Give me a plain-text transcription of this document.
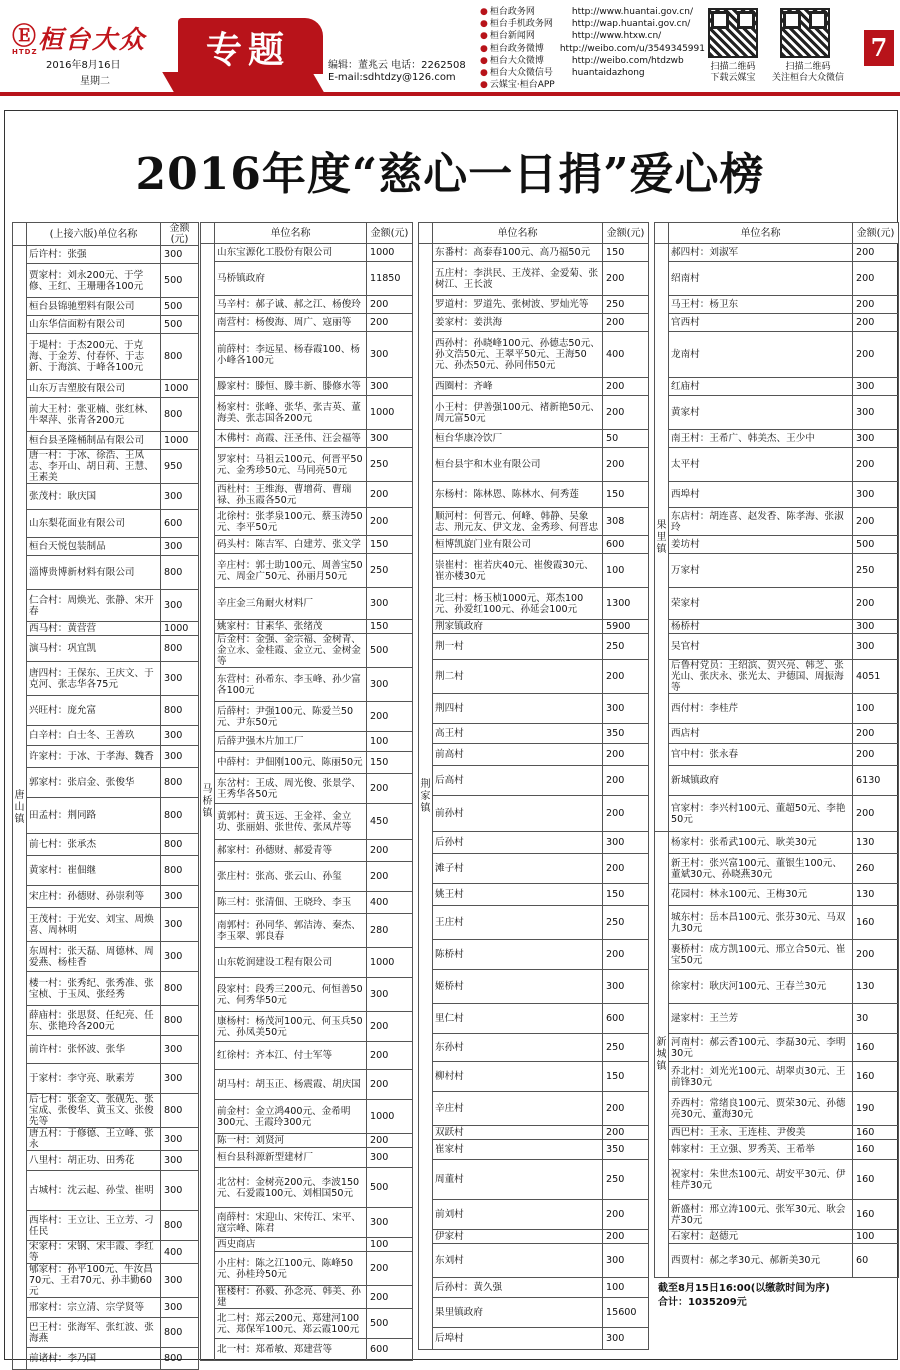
Ⓔ
HTDZ 桓台大众
2016年8月16日
星期二
专题	编辑：董兆云 电话：2262508
E-mail:sdhtdzy@126.com
● 桓台政务网	http://www.huantai.gov.cn/
● 桓台手机政务网	http://wap.huantai.gov.cn/
● 桓台新闻网	http://www.htxw.cn/
● 桓台政务微博	http://weibo.com/u/3549345991
● 桓台大众微博	http://weibo.com/htdzwb
● 桓台大众微信号	huantaidazhong
● 云媒宝·桓台APP
扫描二维码
下载云媒宝
扫描二维码
关注桓台大众微信
7
2016年度“慈心一日捐”爱心榜
	(上接六版)单位名称	金额(元)
唐山镇	后许村：张强	300
	贾家村：刘永200元、于学修、王红、王珊珊各100元	500
	桓台县锦驰塑料有限公司	500
	山东华信面粉有限公司	500
	于堤村：于杰200元、于克海、于金芳、付春怀、于志新、于海滨、于峰各100元	800
	山东万吉塑胶有限公司	1000
	前大王村：张亚楠、张红林、牛翠萍、张青各200元	800
	桓台县圣隆桶制品有限公司	1000
	唐一村：于冰、徐浩、王凤志、李开山、胡日莉、王慧、王素美	950
	张茂村：耿庆国	300
	山东梨花面业有限公司	600
	桓台天悦包装制品	300
	淄博贵博新材料有限公司	800
	仁合村：周焕光、张静、宋开春	300
	西马村：黄营营	1000
	演马村：巩宜凯	800
	唐四村：王保东、王庆文、于克河、张志华各75元	300
	兴旺村：庞允富	800
	白辛村：白士冬、王善玖	300
	许家村：于冰、于孝海、魏香	300
	郭家村：张启金、张俊华	800
	田孟村：荆同路	800
	前七村：张承杰	800
	黄家村：崔佃继	800
	宋庄村：孙德财、孙崇利等	300
	王茂村：于光安、刘宝、周焕喜、周林明	300
	东周村：张天磊、周德林、周爱燕、杨桂香	300
	楼一村：张秀纪、张秀准、张宝桢、于玉凤、张经秀	800
	薛庙村：张思贤、任纪亮、任东、张艳玲各200元	800
	前许村：张怀波、张华	300
	于家村：李守亮、耿素芳	300
	后七村：张金文、张砚先、张宝成、张俊华、黄玉文、张俊先等	800
	唐五村：于修德、王立峰、张永	300
	八里村：胡正功、田秀花	300
	古城村：沈云起、孙莹、崔明	300
	西毕村：王立让、王立芳、刁任民	800
	宋家村：宋钢、宋丰霞、李红等	400
	郇家村：孙平100元、牛汝昌70元、王君70元、孙丰勤60元	300
	邢家村：宗立清、宗学贤等	300
	巴王村：张海军、张红波、张海燕	800
	前诸村：李乃国	800
	单位名称	金额(元)
马桥镇	山东宝源化工股份有限公司	1000
	马桥镇政府	11850
	马辛村：郝子诚、郝之江、杨俊玲	200
	南营村：杨俊海、周广、寇丽等	200
	前薛村：李远星、杨春霞100、杨小峰各100元	300
	滕家村：滕恒、滕丰新、滕修水等	300
	杨家村：张峰、张华、张吉英、董海美、张志国各200元	1000
	木佛村：高霞、汪圣伟、汪会福等	300
	罗家村：马祖云100元、何晋平50元、金秀珍50元、马同亮50元	250
	西杜村：王维海、曹增荷、曹瑞禄、孙玉霞各50元	200
	北徐村：张孝泉100元、蔡玉涛50元、李平50元	200
	码头村：陈吉军、白建芳、张文学	150
	辛庄村：郭士助100元、周善宝50元、周金广50元、孙丽月50元	250
	辛庄金三角耐火材料厂	300
	姚家村：甘素华、张绪茂	150
	后金村：金强、金宗福、金树青、金立永、金桂霞、金立元、金树金等	500
	东营村：孙希东、李玉峰、孙少富各100元	300
	后薛村：尹强100元、陈爱兰50元、尹东50元	200
	后薛尹强木片加工厂	100
	中薛村：尹佃刚100元、陈丽50元	150
	东岔村：王成、周光俊、张景学、王秀华各50元	200
	黄郭村：黄玉远、王金祥、金立功、张丽娟、张世传、张凤芹等	450
	郝家村：孙德财、郝爱青等	200
	张庄村：张高、张云山、孙玺	200
	陈三村：张清佃、王晓玲、李玉	400
	南郭村：孙同华、郭洁涛、秦杰、李玉翠、郭良春	280
	山东乾润建设工程有限公司	1000
	段家村：段秀三200元、何恒善50元、何秀华50元	300
	康杨村：杨茂河100元、何玉兵50元、孙凤美50元	200
	红徐村：齐本江、付士军等	200
	胡马村：胡玉正、杨震霞、胡庆国	200
	前金村：金立鸿400元、金希明300元、王霞玲300元	1000
	陈一村：刘贤河	200
	桓台县科源新型建材厂	300
	北岔村：金树亮200元、李波150元、石爱霞100元、刘相国50元	500
	南薛村：宋迎山、宋传江、宋平、寇宗峰、陈君	300
	西史商店	100
	小庄村：陈之江100元、陈峰50元、孙桂玲50元	200
	崔楼村：孙毅、孙念亮、韩美、孙建	200
	北二村：郑云200元、郑建河100元、郑保军100元、郑云霞100元	500
	北一村：郑希敏、郑建营等	600
	单位名称	金额(元)
荆家镇	东番村：高泰春100元、高乃福50元	150
	五庄村：李洪民、王茂祥、金爱菊、张树江、王长波	200
	罗道村：罗道先、张树波、罗灿光等	250
	姜家村：姜洪海	200
	西孙村：孙晓峰100元、孙德志50元、孙文浩50元、王翠平50元、王海50元、孙杰50元、孙同伟50元	400
	西圈村：齐峰	200
	小王村：伊善强100元、褚新艳50元、周元富50元	200
	桓台华康冷饮厂	50
	桓台县宇和木业有限公司	200
	东杨村：陈林恩、陈林水、何秀莲	150
	顺河村：何晋元、何峰、韩静、吴象志、刑元友、伊文龙、金秀珍、何晋忠	308
	桓博凯旋门业有限公司	600
	崇崔村：崔若庆40元、崔俊霞30元、崔亦楼30元	100
	北三村：杨玉桢1000元、郑杰100元、孙爱红100元、孙延会100元	1300
	荆家镇政府	5900
	荆一村	250
	荆二村	200
	荆四村	300
	高王村	350
	前高村	200
	后高村	200
	前孙村	200
	后孙村	300
	滩子村	200
	姚王村	150
	王庄村	250
	陈桥村	200
	姬桥村	300
	里仁村	600
	东孙村	250
	柳村村	150
	辛庄村	200
	双跃村	200
	崔家村	350
	周董村	250
	前刘村	200
	伊家村	200
	东刘村	300
	后孙村：黄久强	100
	果里镇政府	15600
	后埠村	300
	单位名称	金额(元)
果里镇	郝四村：刘淑军	200
	绍南村	200
	马王村：杨卫东	200
	官西村	200
	龙南村	200
	红庙村	300
	黄家村	300
	南王村：王希广、韩美杰、王少中	300
	太平村	200
	西埠村	300
	东店村：胡连喜、赵发香、陈孝海、张淑玲	200
	姜坊村	500
	万家村	250
	荣家村	200
	杨桥村	300
	吴官村	300
	后鲁村党员：王绍滨、贺兴亮、韩芝、张光山、张庆永、张光太、尹德国、周振海等	4051
	西付村：李桂芹	100
	西店村	200
	官中村：张永春	200
	新城镇政府	6130
	官家村：李兴村100元、董超50元、李艳50元	200
新城镇	杨家村：张希武100元、耿美30元	130
	新王村：张兴富100元、董银生100元、董斌30元、孙晓燕30元	260
	花园村：林永100元、王梅30元	130
	城东村：岳本昌100元、张芬30元、马双九30元	160
	裹桥村：成方凯100元、邢立合50元、崔宝50元	200
	徐家村：耿庆河100元、王春兰30元	130
	逯家村：王兰芳	30
	河南村：郝云香100元、李磊30元、李明30元	160
	乔北村：刘光光100元、胡翠贞30元、王前锋30元	160
	乔西村：常绪良100元、贾荣30元、孙德亮30元、董海30元	190
	西巴村：王永、王连桂、尹俊美	160
	韩家村：王立强、罗秀芙、王希举	160
	祝家村：朱世杰100元、胡安平30元、伊桂芹30元	160
	新盛村：邢立涛100元、张军30元、耿会芹30元	160
	石家村：赵德元	100
	西贾村：郝之孝30元、郝新美30元	60
截至8月15日16:00(以缴款时间为序)
合计：1035209元
